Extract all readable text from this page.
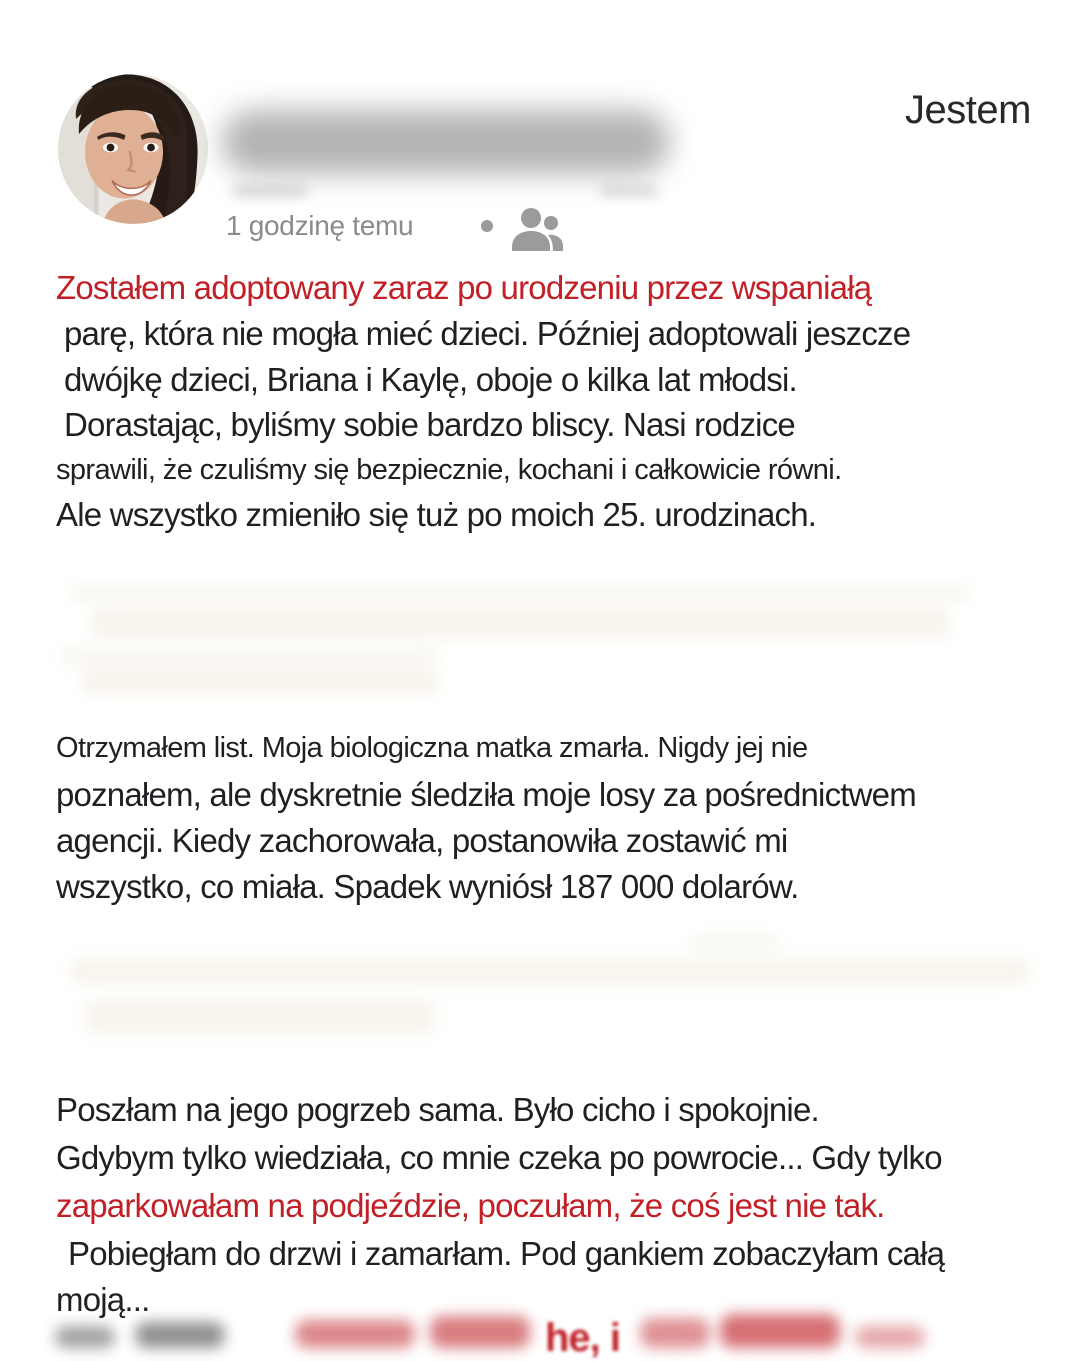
1 godzinę temu
Jestem
Zostałem adoptowany zaraz po urodzeniu przez wspaniałą
parę, która nie mogła mieć dzieci. Później adoptowali jeszcze
dwójkę dzieci, Briana i Kaylę, oboje o kilka lat młodsi.
Dorastając, byliśmy sobie bardzo bliscy. Nasi rodzice
sprawili, że czuliśmy się bezpiecznie, kochani i całkowicie równi.
Ale wszystko zmieniło się tuż po moich 25. urodzinach.
Otrzymałem list. Moja biologiczna matka zmarła. Nigdy jej nie
poznałem, ale dyskretnie śledziła moje losy za pośrednictwem
agencji. Kiedy zachorowała, postanowiła zostawić mi
wszystko, co miała. Spadek wyniósł 187 000 dolarów.
Poszłam na jego pogrzeb sama. Było cicho i spokojnie.
Gdybym tylko wiedziała, co mnie czeka po powrocie... Gdy tylko
zaparkowałam na podjeździe, poczułam, że coś jest nie tak.
Pobiegłam do drzwi i zamarłam. Pod gankiem zobaczyłam całą
moją...
he, i
